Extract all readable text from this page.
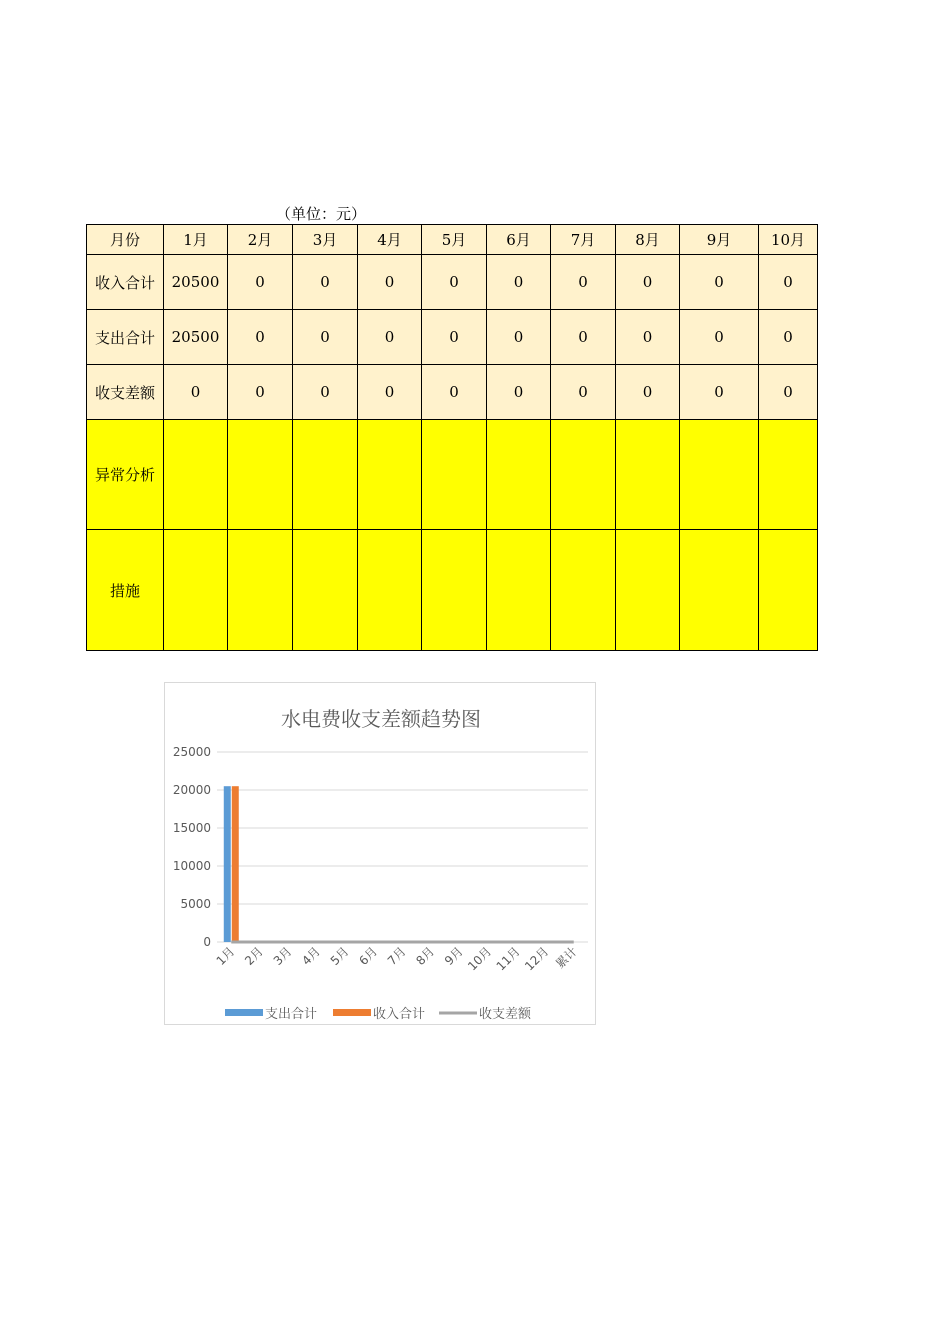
（单位：元）
月份	1月	2月	3月	4月	5月	6月	7月	8月	9月	10月
收入合计	20500	0	0	0	0	0	0	0	0	0
支出合计	20500	0	0	0	0	0	0	0	0	0
收支差额	0	0	0	0	0	0	0	0	0	0
异常分析										
措施										
水电费收支差额趋势图
0
5000
10000
15000
20000
25000
1月 2月 3月 4月 5月 6月 7月 8月 9月 10月 11月 12月 累计
支出合计	收入合计	收支差额
